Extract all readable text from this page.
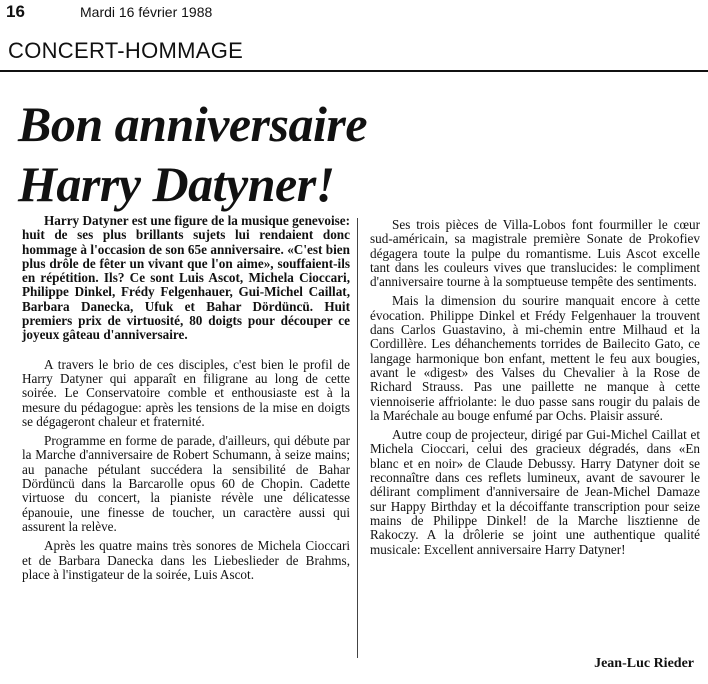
16	Mardi 16 février 1988
CONCERT-HOMMAGE
Bon anniversaire
Harry Datyner!

Harry Datyner est une figure de la musique genevoise: huit de ses plus brillants sujets lui rendaient donc hommage à l'occasion de son 65e anniversaire. «C'est bien plus drôle de fêter un vivant que l'on aime», souffaient-ils en répétition. Ils? Ce sont Luis Ascot, Michela Cioccari, Philippe Dinkel, Frédy Felgenhauer, Gui-Michel Caillat, Barbara Danecka, Ufuk et Bahar Dördüncü. Huit premiers prix de virtuosité, 80 doigts pour découper ce joyeux gâteau d'anniversaire.

A travers le brio de ces disciples, c'est bien le profil de Harry Datyner qui apparaît en filigrane au long de cette soirée. Le Conservatoire comble et enthousiaste est à la mesure du pédagogue: après les tensions de la mise en doigts se dégageront chaleur et fraternité.

Programme en forme de parade, d'ailleurs, qui débute par la Marche d'anniversaire de Robert Schumann, à seize mains; au panache pétulant succédera la sensibilité de Bahar Dördüncü dans la Barcarolle opus 60 de Chopin. Cadette virtuose du concert, la pianiste révèle une délicatesse épanouie, une finesse de toucher, un caractère aussi qui assurent la relève.

Après les quatre mains très sonores de Michela Cioccari et de Barbara Danecka dans les Liebeslieder de Brahms, place à l'instigateur de la soirée, Luis Ascot.

Ses trois pièces de Villa-Lobos font fourmiller le cœur sud-américain, sa magistrale première Sonate de Prokofiev dégagera toute la pulpe du romantisme. Luis Ascot excelle tant dans les couleurs vives que translucides: le compliment d'anniversaire tourne à la somptueuse tempête des sentiments.

Mais la dimension du sourire manquait encore à cette évocation. Philippe Dinkel et Frédy Felgenhauer la trouvent dans Carlos Guastavino, à mi-chemin entre Milhaud et la Cordillère. Les déhanchements torrides de Bailecito Gato, ce langage harmonique bon enfant, mettent le feu aux bougies, avant le «digest» des Valses du Chevalier à la Rose de Richard Strauss. Pas une paillette ne manque à cette viennoiserie affriolante: le duo passe sans rougir du palais de la Maréchale au bouge enfumé par Ochs. Plaisir assuré.

Autre coup de projecteur, dirigé par Gui-Michel Caillat et Michela Cioccari, celui des gracieux dégradés, dans «En blanc et en noir» de Claude Debussy. Harry Datyner doit se reconnaître dans ces reflets lumineux, avant de savourer le délirant compliment d'anniversaire de Jean-Michel Damaze sur Happy Birthday et la décoiffante transcription pour seize mains de Philippe Dinkel! de la Marche lisztienne de Rakoczy. A la drôlerie se joint une authentique qualité musicale: Excellent anniversaire Harry Datyner!

Jean-Luc Rieder
